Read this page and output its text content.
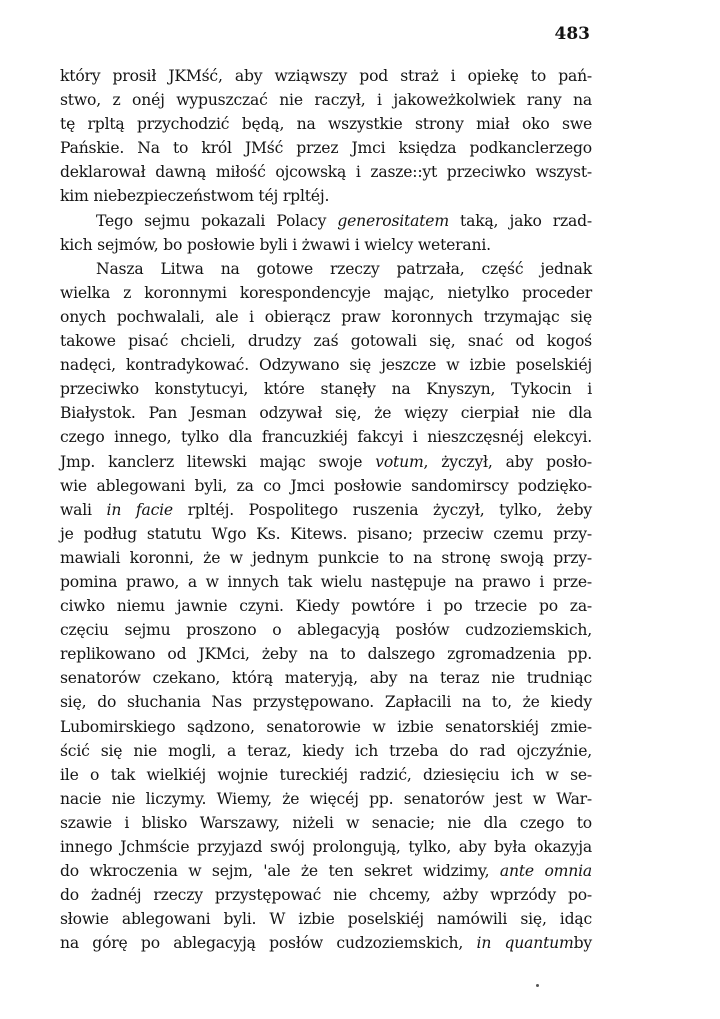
483
który prosił JKMść, aby wziąwszy pod straż i opiekę to pań-
stwo, z onéj wypuszczać nie raczył, i jakoweżkolwiek rany na
tę rpltą przychodzić będą, na wszystkie strony miał oko swe
Pańskie. Na to król JMść przez Jmci księdza podkanclerzego
deklarował dawną miłość ojcowską i zasze::yt przeciwko wszyst-
kim niebezpieczeństwom téj rpltéj.
Tego sejmu pokazali Polacy generositatem taką, jako rzad-
kich sejmów, bo posłowie byli i żwawi i wielcy weterani.
Nasza Litwa na gotowe rzeczy patrzała, część jednak
wielka z koronnymi korespondencyje mając, nietylko proceder
onych pochwalali, ale i obierącz praw koronnych trzymając się
takowe pisać chcieli, drudzy zaś gotowali się, snać od kogoś
nadęci, kontradykować. Odzywano się jeszcze w izbie poselskiéj
przeciwko konstytucyi, które stanęły na Knyszyn, Tykocin i
Białystok. Pan Jesman odzywał się, że więzy cierpiał nie dla
czego innego, tylko dla francuzkiéj fakcyi i nieszczęsnéj elekcyi.
Jmp. kanclerz litewski mając swoje votum, życzył, aby posło-
wie ablegowani byli, za co Jmci posłowie sandomirscy podzięko-
wali in facie rpltéj. Pospolitego ruszenia życzył, tylko, żeby
je podług statutu Wgo Ks. Kitews. pisano; przeciw czemu przy-
mawiali koronni, że w jednym punkcie to na stronę swoją przy-
pomina prawo, a w innych tak wielu następuje na prawo i prze-
ciwko niemu jawnie czyni. Kiedy powtóre i po trzecie po za-
częciu sejmu proszono o ablegacyją posłów cudzoziemskich,
replikowano od JKMci, żeby na to dalszego zgromadzenia pp.
senatorów czekano, którą materyją, aby na teraz nie trudniąc
się, do słuchania Nas przystępowano. Zapłacili na to, że kiedy
Lubomirskiego sądzono, senatorowie w izbie senatorskiéj zmie-
ścić się nie mogli, a teraz, kiedy ich trzeba do rad ojczyźnie,
ile o tak wielkiéj wojnie tureckiéj radzić, dziesięciu ich w se-
nacie nie liczymy. Wiemy, że więcéj pp. senatorów jest w War-
szawie i blisko Warszawy, niżeli w senacie; nie dla czego to
innego Jchmście przyjazd swój prolongują, tylko, aby była okazyja
do wkroczenia w sejm, 'ale że ten sekret widzimy, ante omnia
do żadnéj rzeczy przystępować nie chcemy, ażby wprzódy po-
słowie ablegowani byli. W izbie poselskiéj namówili się, idąc
na górę po ablegacyją posłów cudzoziemskich, in quantumby
